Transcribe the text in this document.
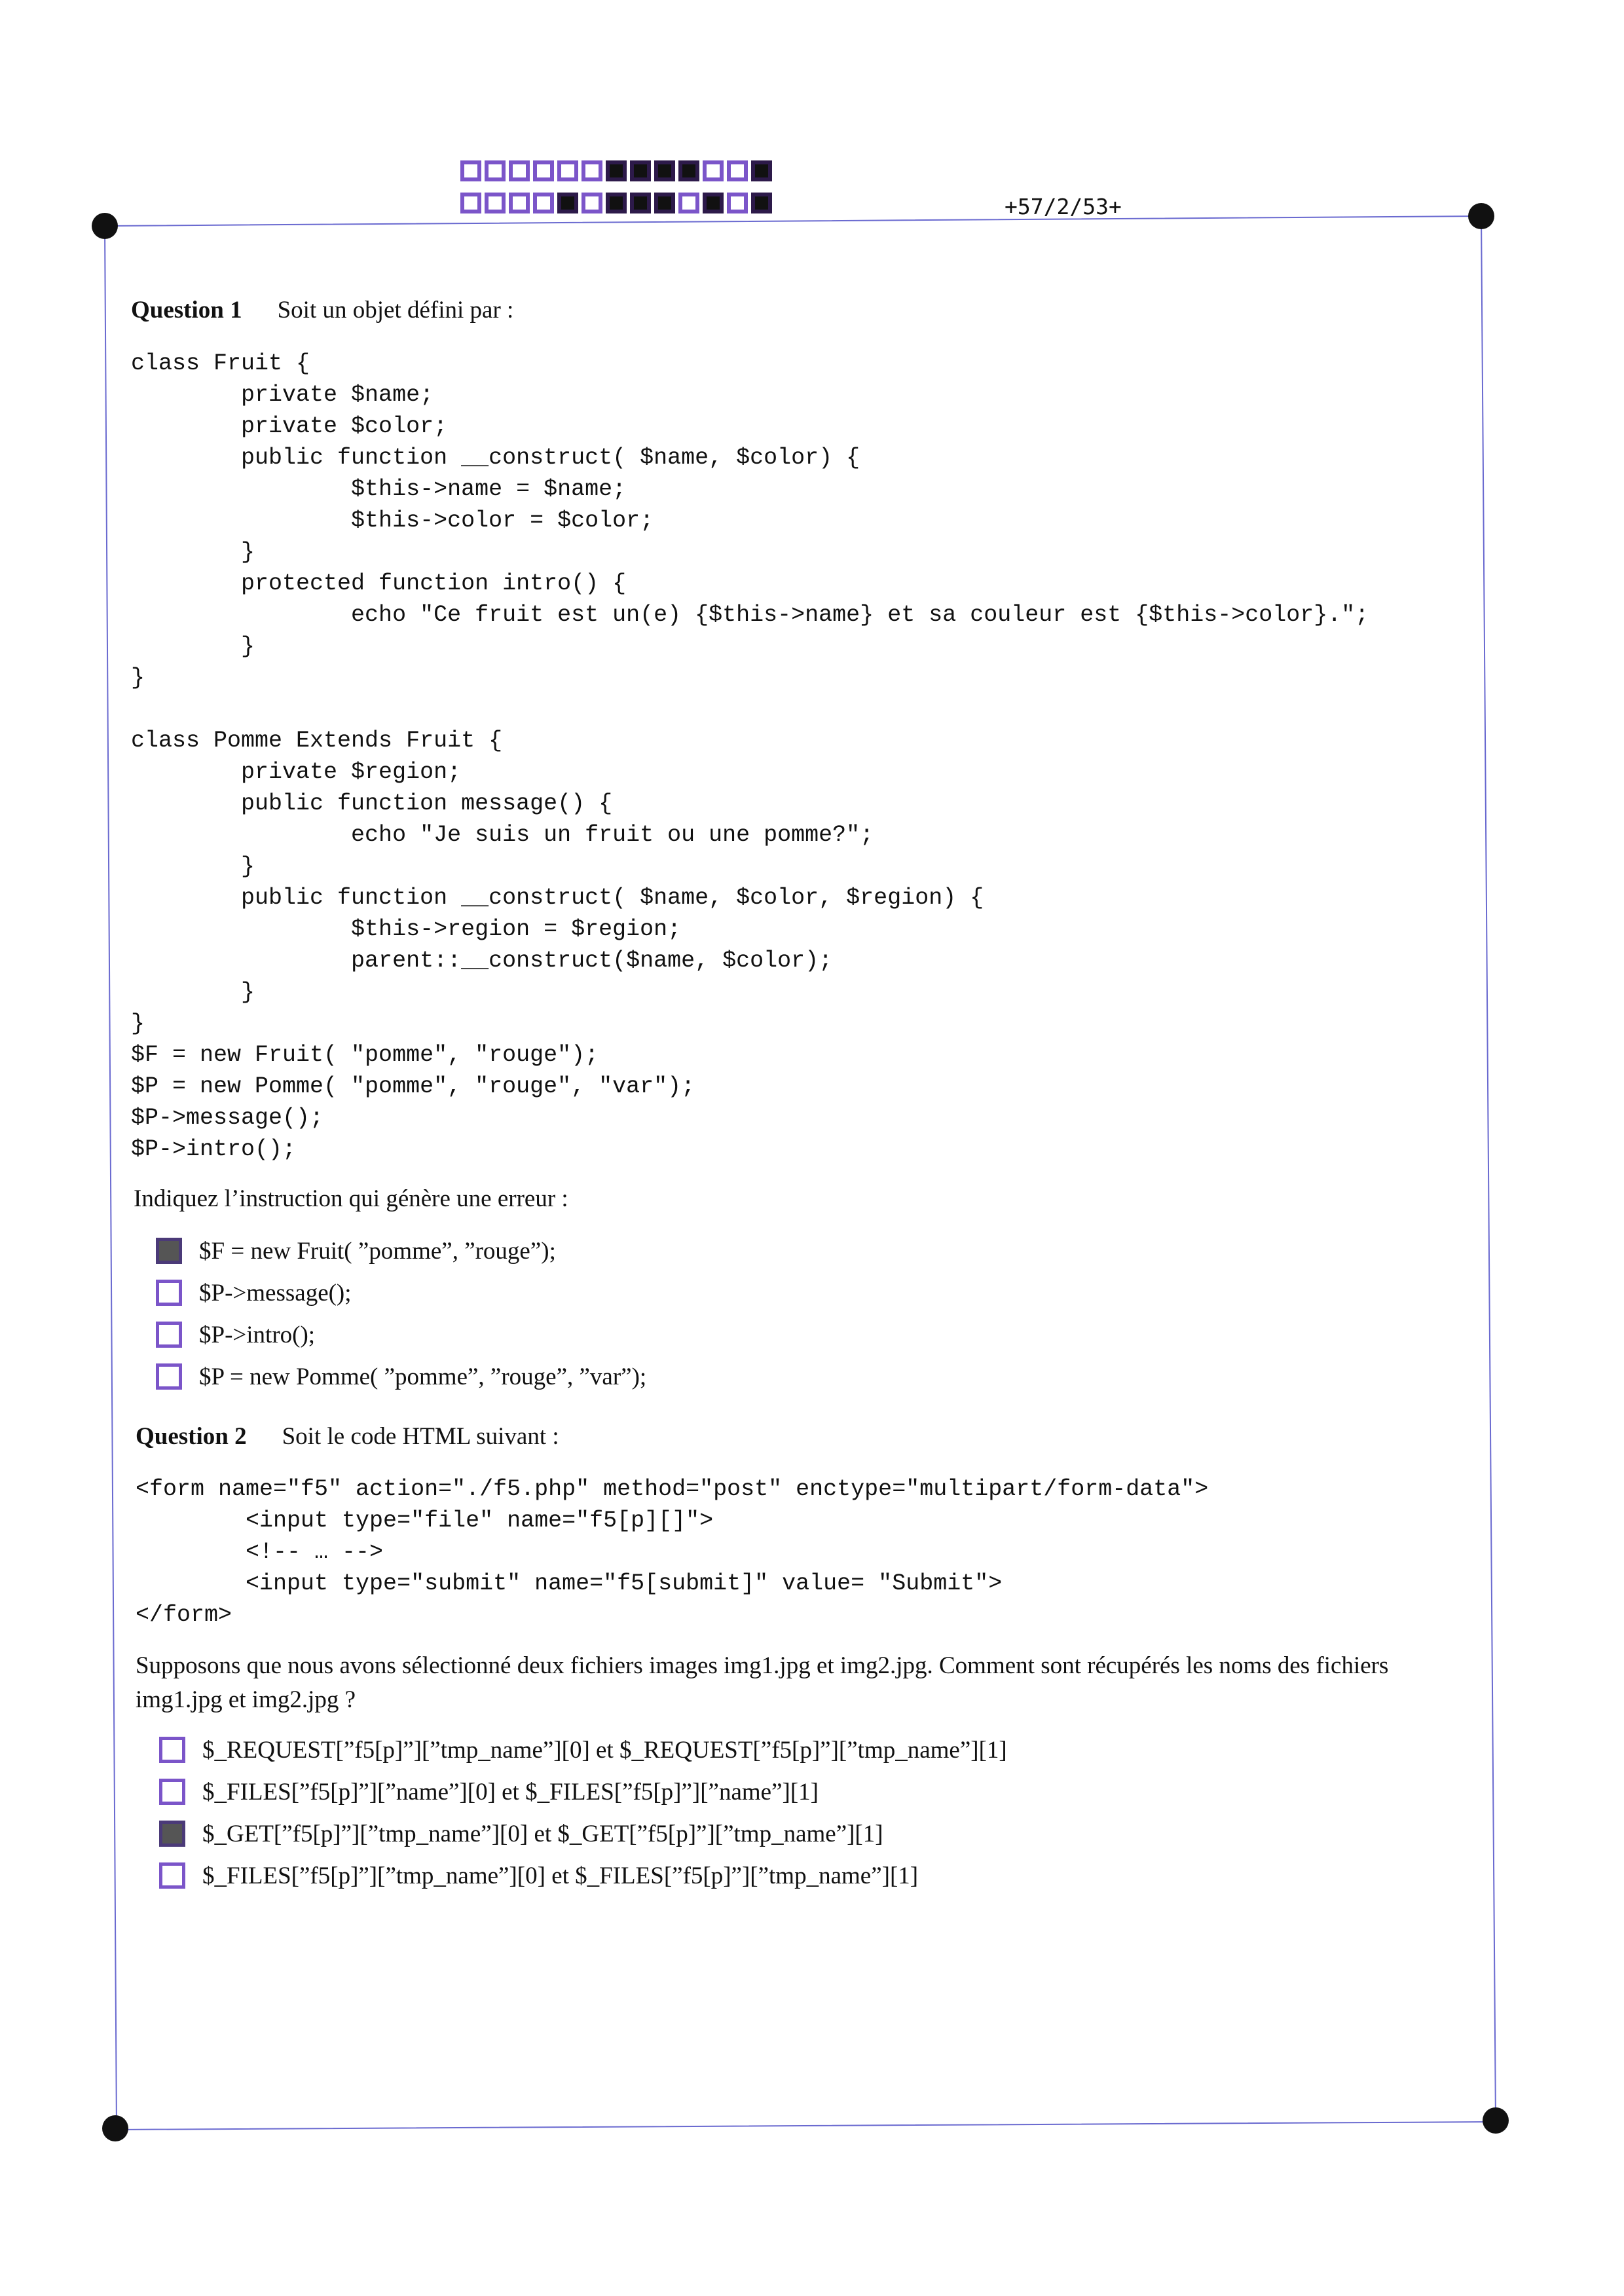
+57/2/53+
Question 1 Soit un objet défini par :
class Fruit {
private $name;
private $color;
public function __construct( $name, $color) {
$this->name = $name;
$this->color = $color;
}
protected function intro() {
echo "Ce fruit est un(e) {$this->name} et sa couleur est {$this->color}.";
}
}

class Pomme Extends Fruit {
private $region;
public function message() {
echo "Je suis un fruit ou une pomme?";
}
public function __construct( $name, $color, $region) {
$this->region = $region;
parent::__construct($name, $color);
}
}
$F = new Fruit( "pomme", "rouge");
$P = new Pomme( "pomme", "rouge", "var");
$P->message();
$P->intro();

Indiquez l’instruction qui génère une erreur :
$F = new Fruit( ”pomme”, ”rouge”);
$P->message();
$P->intro();
$P = new Pomme( ”pomme”, ”rouge”, ”var”);
Question 2 Soit le code HTML suivant :
<form name="f5" action="./f5.php" method="post" enctype="multipart/form-data">
<input type="file" name="f5[p][]">
<!-- … -->
<input type="submit" name="f5[submit]" value= "Submit">
</form>

Supposons que nous avons sélectionné deux fichiers images img1.jpg et img2.jpg. Comment sont récupérés les noms des fichiers img1.jpg et img2.jpg ?
$_REQUEST[”f5[p]”][”tmp_name”][0] et $_REQUEST[”f5[p]”][”tmp_name”][1]
$_FILES[”f5[p]”][”name”][0] et $_FILES[”f5[p]”][”name”][1]
$_GET[”f5[p]”][”tmp_name”][0] et $_GET[”f5[p]”][”tmp_name”][1]
$_FILES[”f5[p]”][”tmp_name”][0] et $_FILES[”f5[p]”][”tmp_name”][1]
